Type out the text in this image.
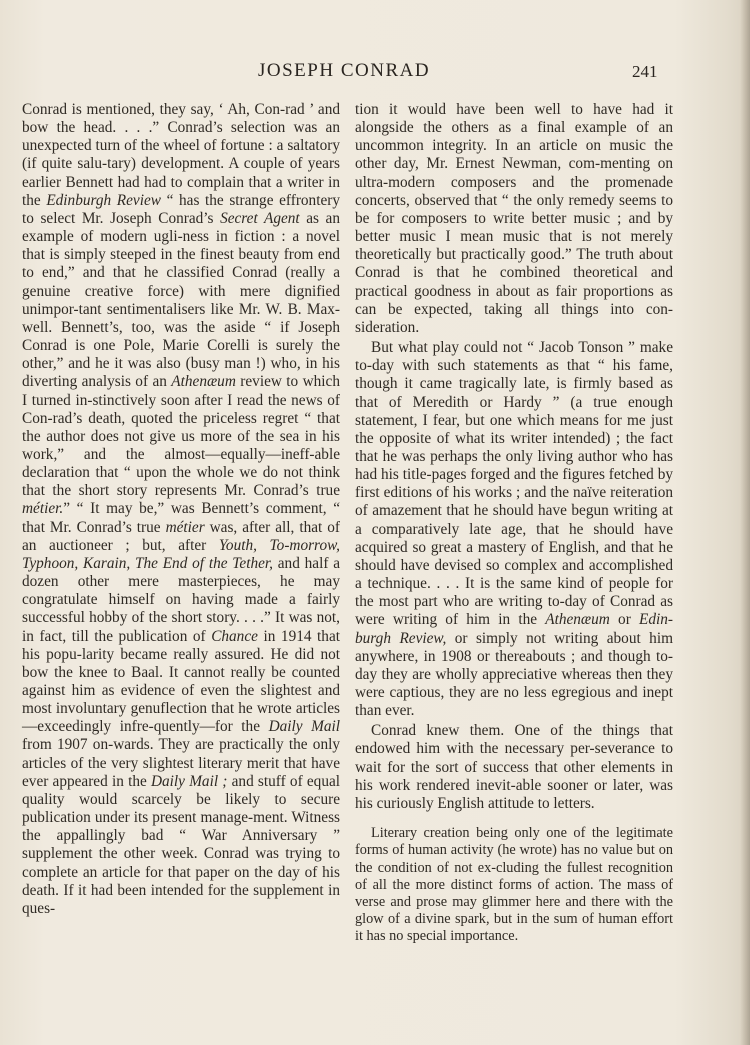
JOSEPH CONRAD	241

Conrad is mentioned, they say, ‘ Ah, Con-rad ’ and bow the head. . . .” Conrad’s selection was an unexpected turn of the wheel of fortune : a saltatory (if quite salu-tary) development. A couple of years earlier Bennett had had to complain that a writer in the Edinburgh Review “ has the strange effrontery to select Mr. Joseph Conrad’s Secret Agent as an example of modern ugli-ness in fiction : a novel that is simply steeped in the finest beauty from end to end,” and that he classified Conrad (really a genuine creative force) with mere dignified unimpor-tant sentimentalisers like Mr. W. B. Max-well. Bennett’s, too, was the aside “ if Joseph Conrad is one Pole, Marie Corelli is surely the other,” and he it was also (busy man !) who, in his diverting analysis of an Athenæum review to which I turned in-stinctively soon after I read the news of Con-rad’s death, quoted the priceless regret “ that the author does not give us more of the sea in his work,” and the almost—equally—ineff-able declaration that “ upon the whole we do not think that the short story represents Mr. Conrad’s true métier.” “ It may be,” was Bennett’s comment, “ that Mr. Conrad’s true métier was, after all, that of an auctioneer ; but, after Youth, To-morrow, Typhoon, Karain, The End of the Tether, and half a dozen other mere masterpieces, he may congratulate himself on having made a fairly successful hobby of the short story. . . .” It was not, in fact, till the publication of Chance in 1914 that his popu-larity became really assured. He did not bow the knee to Baal. It cannot really be counted against him as evidence of even the slightest and most involuntary genuflection that he wrote articles—exceedingly infre-quently—for the Daily Mail from 1907 on-wards. They are practically the only articles of the very slightest literary merit that have ever appeared in the Daily Mail ; and stuff of equal quality would scarcely be likely to secure publication under its present manage-ment. Witness the appallingly bad “ War Anniversary ” supplement the other week. Conrad was trying to complete an article for that paper on the day of his death. If it had been intended for the supplement in ques-

tion it would have been well to have had it alongside the others as a final example of an uncommon integrity. In an article on music the other day, Mr. Ernest Newman, com-menting on ultra-modern composers and the promenade concerts, observed that “ the only remedy seems to be for composers to write better music ; and by better music I mean music that is not merely theoretically but practically good.” The truth about Conrad is that he combined theoretical and practical goodness in about as fair proportions as can be expected, taking all things into con-sideration.

But what play could not “ Jacob Tonson ” make to-day with such statements as that “ his fame, though it came tragically late, is firmly based as that of Meredith or Hardy ” (a true enough statement, I fear, but one which means for me just the opposite of what its writer intended) ; the fact that he was perhaps the only living author who has had his title-pages forged and the figures fetched by first editions of his works ; and the naïve reiteration of amazement that he should have begun writing at a comparatively late age, that he should have acquired so great a mastery of English, and that he should have devised so complex and accomplished a technique. . . . It is the same kind of people for the most part who are writing to-day of Conrad as were writing of him in the Athenæum or Edin-burgh Review, or simply not writing about him anywhere, in 1908 or thereabouts ; and though to-day they are wholly appreciative whereas then they were captious, they are no less egregious and inept than ever.

Conrad knew them. One of the things that endowed him with the necessary per-severance to wait for the sort of success that other elements in his work rendered inevit-able sooner or later, was his curiously English attitude to letters.

Literary creation being only one of the legitimate forms of human activity (he wrote) has no value but on the condition of not ex-cluding the fullest recognition of all the more distinct forms of action. The mass of verse and prose may glimmer here and there with the glow of a divine spark, but in the sum of human effort it has no special importance.
